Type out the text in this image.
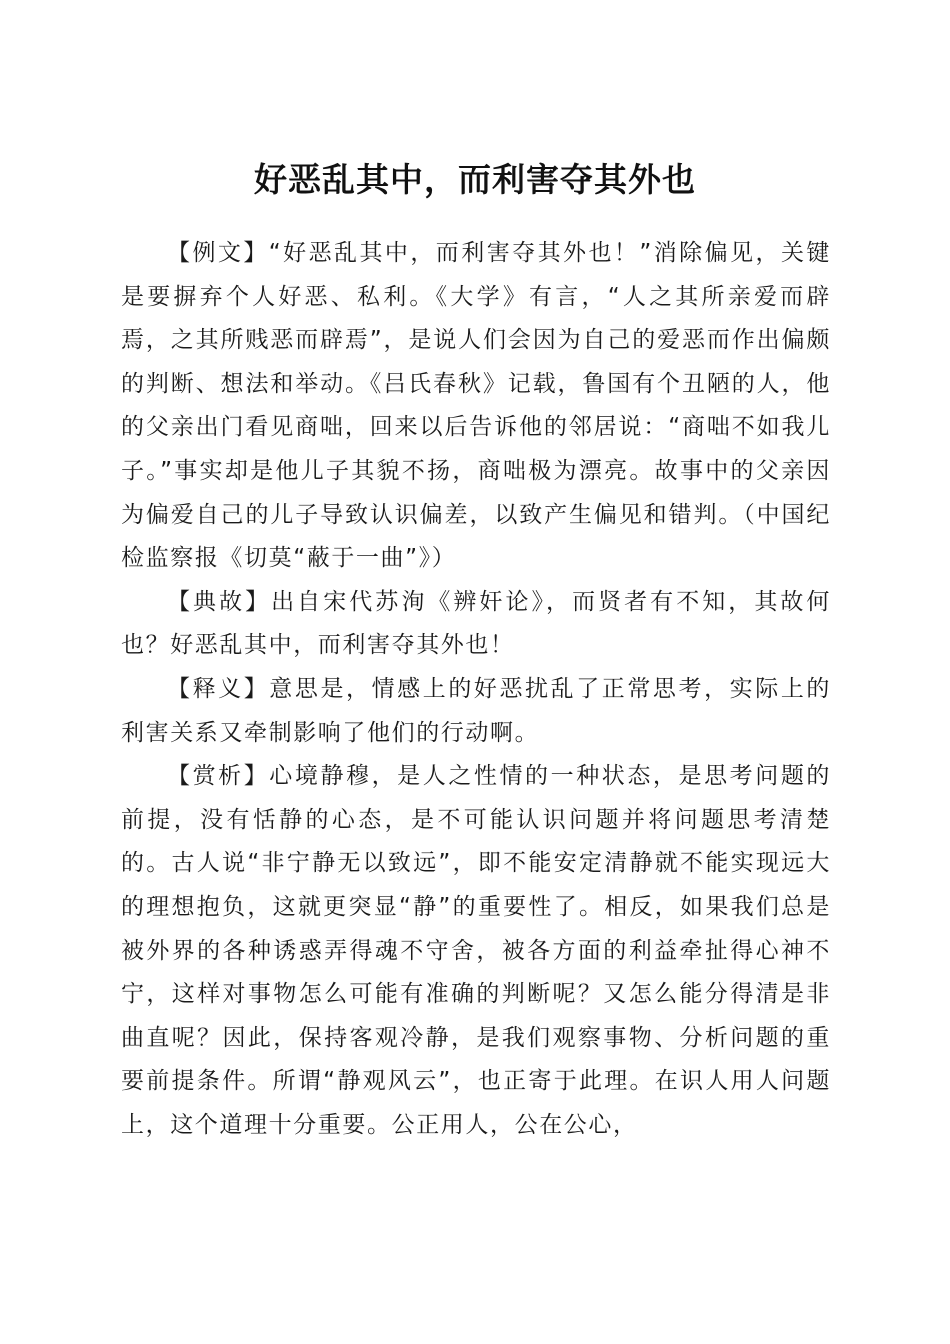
好恶乱其中，而利害夺其外也

【例文】“好恶乱其中，而利害夺其外也！”消除偏见，关键是要摒弃个人好恶、私利。《大学》有言，“人之其所亲爱而辟焉，之其所贱恶而辟焉”，是说人们会因为自己的爱恶而作出偏颇的判断、想法和举动。《吕氏春秋》记载，鲁国有个丑陋的人，他的父亲出门看见商咄，回来以后告诉他的邻居说：“商咄不如我儿子。”事实却是他儿子其貌不扬，商咄极为漂亮。故事中的父亲因为偏爱自己的儿子导致认识偏差，以致产生偏见和错判。（中国纪检监察报《切莫“蔽于一曲”》）

【典故】出自宋代苏洵《辨奸论》，而贤者有不知，其故何也？好恶乱其中，而利害夺其外也！

【释义】意思是，情感上的好恶扰乱了正常思考，实际上的利害关系又牵制影响了他们的行动啊。

【赏析】心境静穆，是人之性情的一种状态，是思考问题的前提，没有恬静的心态，是不可能认识问题并将问题思考清楚的。古人说“非宁静无以致远”，即不能安定清静就不能实现远大的理想抱负，这就更突显“静”的重要性了。相反，如果我们总是被外界的各种诱惑弄得魂不守舍，被各方面的利益牵扯得心神不宁，这样对事物怎么可能有准确的判断呢？又怎么能分得清是非曲直呢？因此，保持客观冷静，是我们观察事物、分析问题的重要前提条件。所谓“静观风云”，也正寄于此理。在识人用人问题上，这个道理十分重要。公正用人，公在公心，
